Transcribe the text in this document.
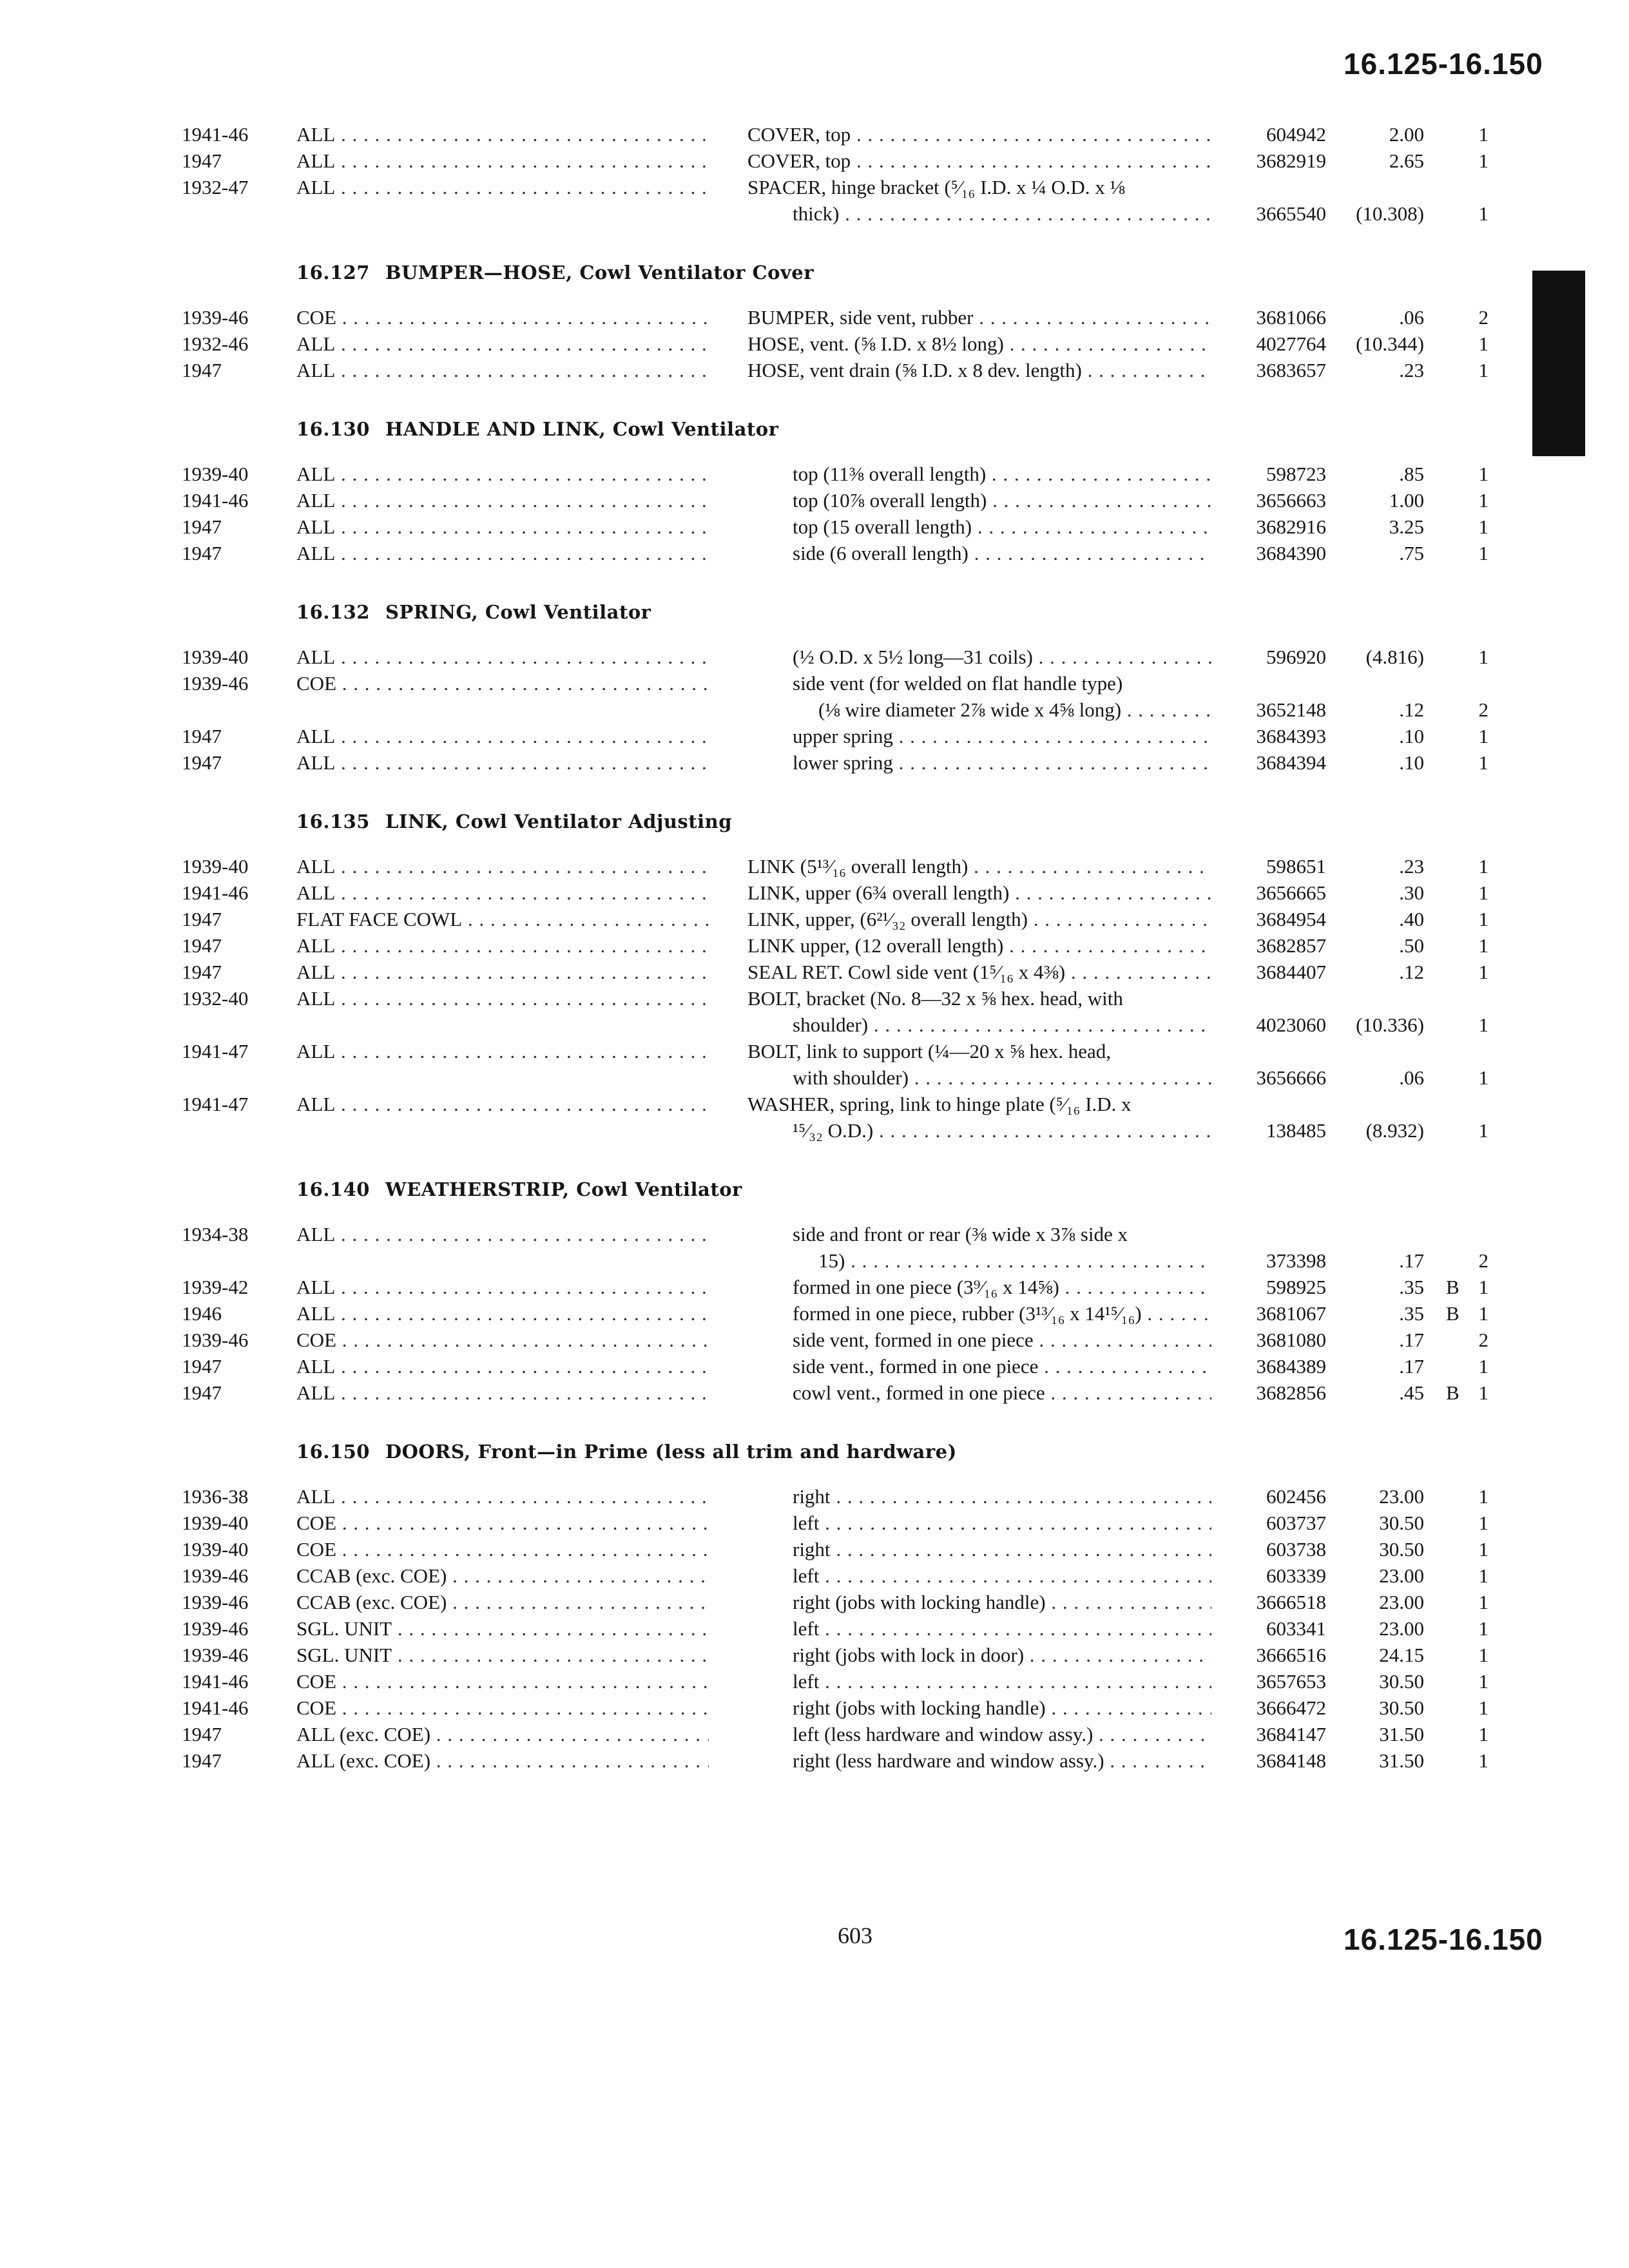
16.125-16.150
1941-46 ALL . . .	COVER, top . . .	604942	2.00	1
1947	ALL . . .	COVER, top . . .	3682919	2.65	1
1932-47 ALL . . .	SPACER, hinge bracket (⁵⁄₁₆ I.D. x ¼ O.D. x ⅛
thick) . . .	3665540 (10.308)	1
16.127 BUMPER—HOSE, Cowl Ventilator Cover
1939-46 COE . . .	BUMPER, side vent, rubber . . .	3681066	.06	2
1932-46 ALL . . .	HOSE, vent. (⅝ I.D. x 8½ long) . . .	4027764 (10.344)	1
1947	ALL . . .	HOSE, vent drain (⅝ I.D. x 8 dev. length) . . .	3683657	.23	1
16.130 HANDLE AND LINK, Cowl Ventilator
1939-40 ALL . . .	top (11⅜ overall length) . . .	598723	.85	1
1941-46 ALL . . .	top (10⅞ overall length) . . .	3656663	1.00	1
1947	ALL . . .	top (15 overall length) . . .	3682916	3.25	1
1947	ALL . . .	side (6 overall length) . . .	3684390	.75	1
16.132 SPRING, Cowl Ventilator
1939-40 ALL . . .	(½ O.D. x 5½ long—31 coils) . . .	596920 (4.816)	1
1939-46 COE . . .	side vent (for welded on flat handle type)
(⅛ wire diameter 2⅞ wide x 4⅝ long) . . .	3652148	.12	2
1947	ALL . . .	upper spring . . .	3684393	.10	1
1947	ALL . . .	lower spring . . .	3684394	.10	1
16.135 LINK, Cowl Ventilator Adjusting
1939-40 ALL . . .	LINK (5¹³⁄₁₆ overall length) . . .	598651	.23	1
1941-46 ALL . . .	LINK, upper (6¾ overall length) . . .	3656665	.30	1
1947	FLAT FACE COWL . . .	LINK, upper, (6²¹⁄₃₂ overall length) . . .	3684954	.40	1
1947	ALL . . .	LINK upper, (12 overall length) . . .	3682857	.50	1
1947	ALL . . .	SEAL RET. Cowl side vent (1⁵⁄₁₆ x 4⅜) . . .	3684407	.12	1
1932-40 ALL . . .	BOLT, bracket (No. 8—32 x ⅝ hex. head, with
shoulder) . . .	4023060 (10.336)	1
1941-47 ALL . . .	BOLT, link to support (¼—20 x ⅝ hex. head,
with shoulder) . . .	3656666	.06	1
1941-47 ALL . . .	WASHER, spring, link to hinge plate (⁵⁄₁₆ I.D. x
¹⁵⁄₃₂ O.D.) . . .	138485 (8.932)	1
16.140 WEATHERSTRIP, Cowl Ventilator
1934-38 ALL . . .	side and front or rear (⅜ wide x 3⅞ side x
15) . . .	373398	.17	2
1939-42 ALL . . .	formed in one piece (3⁹⁄₁₆ x 14⅝) . . .	598925	.35 B 1
1946	ALL . . .	formed in one piece, rubber (3¹³⁄₁₆ x 14¹⁵⁄₁₆) . . .	3681067	.35 B 1
1939-46 COE . . .	side vent, formed in one piece . . .	3681080	.17	2
1947	ALL . . .	side vent., formed in one piece . . .	3684389	.17	1
1947	ALL . . .	cowl vent., formed in one piece . . .	3682856	.45 B 1
16.150 DOORS, Front—in Prime (less all trim and hardware)
1936-38 ALL . . .	right . . .	602456	23.00	1
1939-40 COE . . .	left . . .	603737	30.50	1
1939-40 COE . . .	right . . .	603738	30.50	1
1939-46 CCAB (exc. COE) . . .	left . . .	603339	23.00	1
1939-46 CCAB (exc. COE) . . .	right (jobs with locking handle) . . .	3666518	23.00	1
1939-46 SGL. UNIT . . .	left . . .	603341	23.00	1
1939-46 SGL. UNIT . . .	right (jobs with lock in door) . . .	3666516	24.15	1
1941-46 COE . . .	left . . .	3657653	30.50	1
1941-46 COE . . .	right (jobs with locking handle) . . .	3666472	30.50	1
1947	ALL (exc. COE) . . .	left (less hardware and window assy.) . . .	3684147	31.50	1
1947	ALL (exc. COE) . . .	right (less hardware and window assy.) . . .	3684148	31.50	1
603	16.125-16.150
